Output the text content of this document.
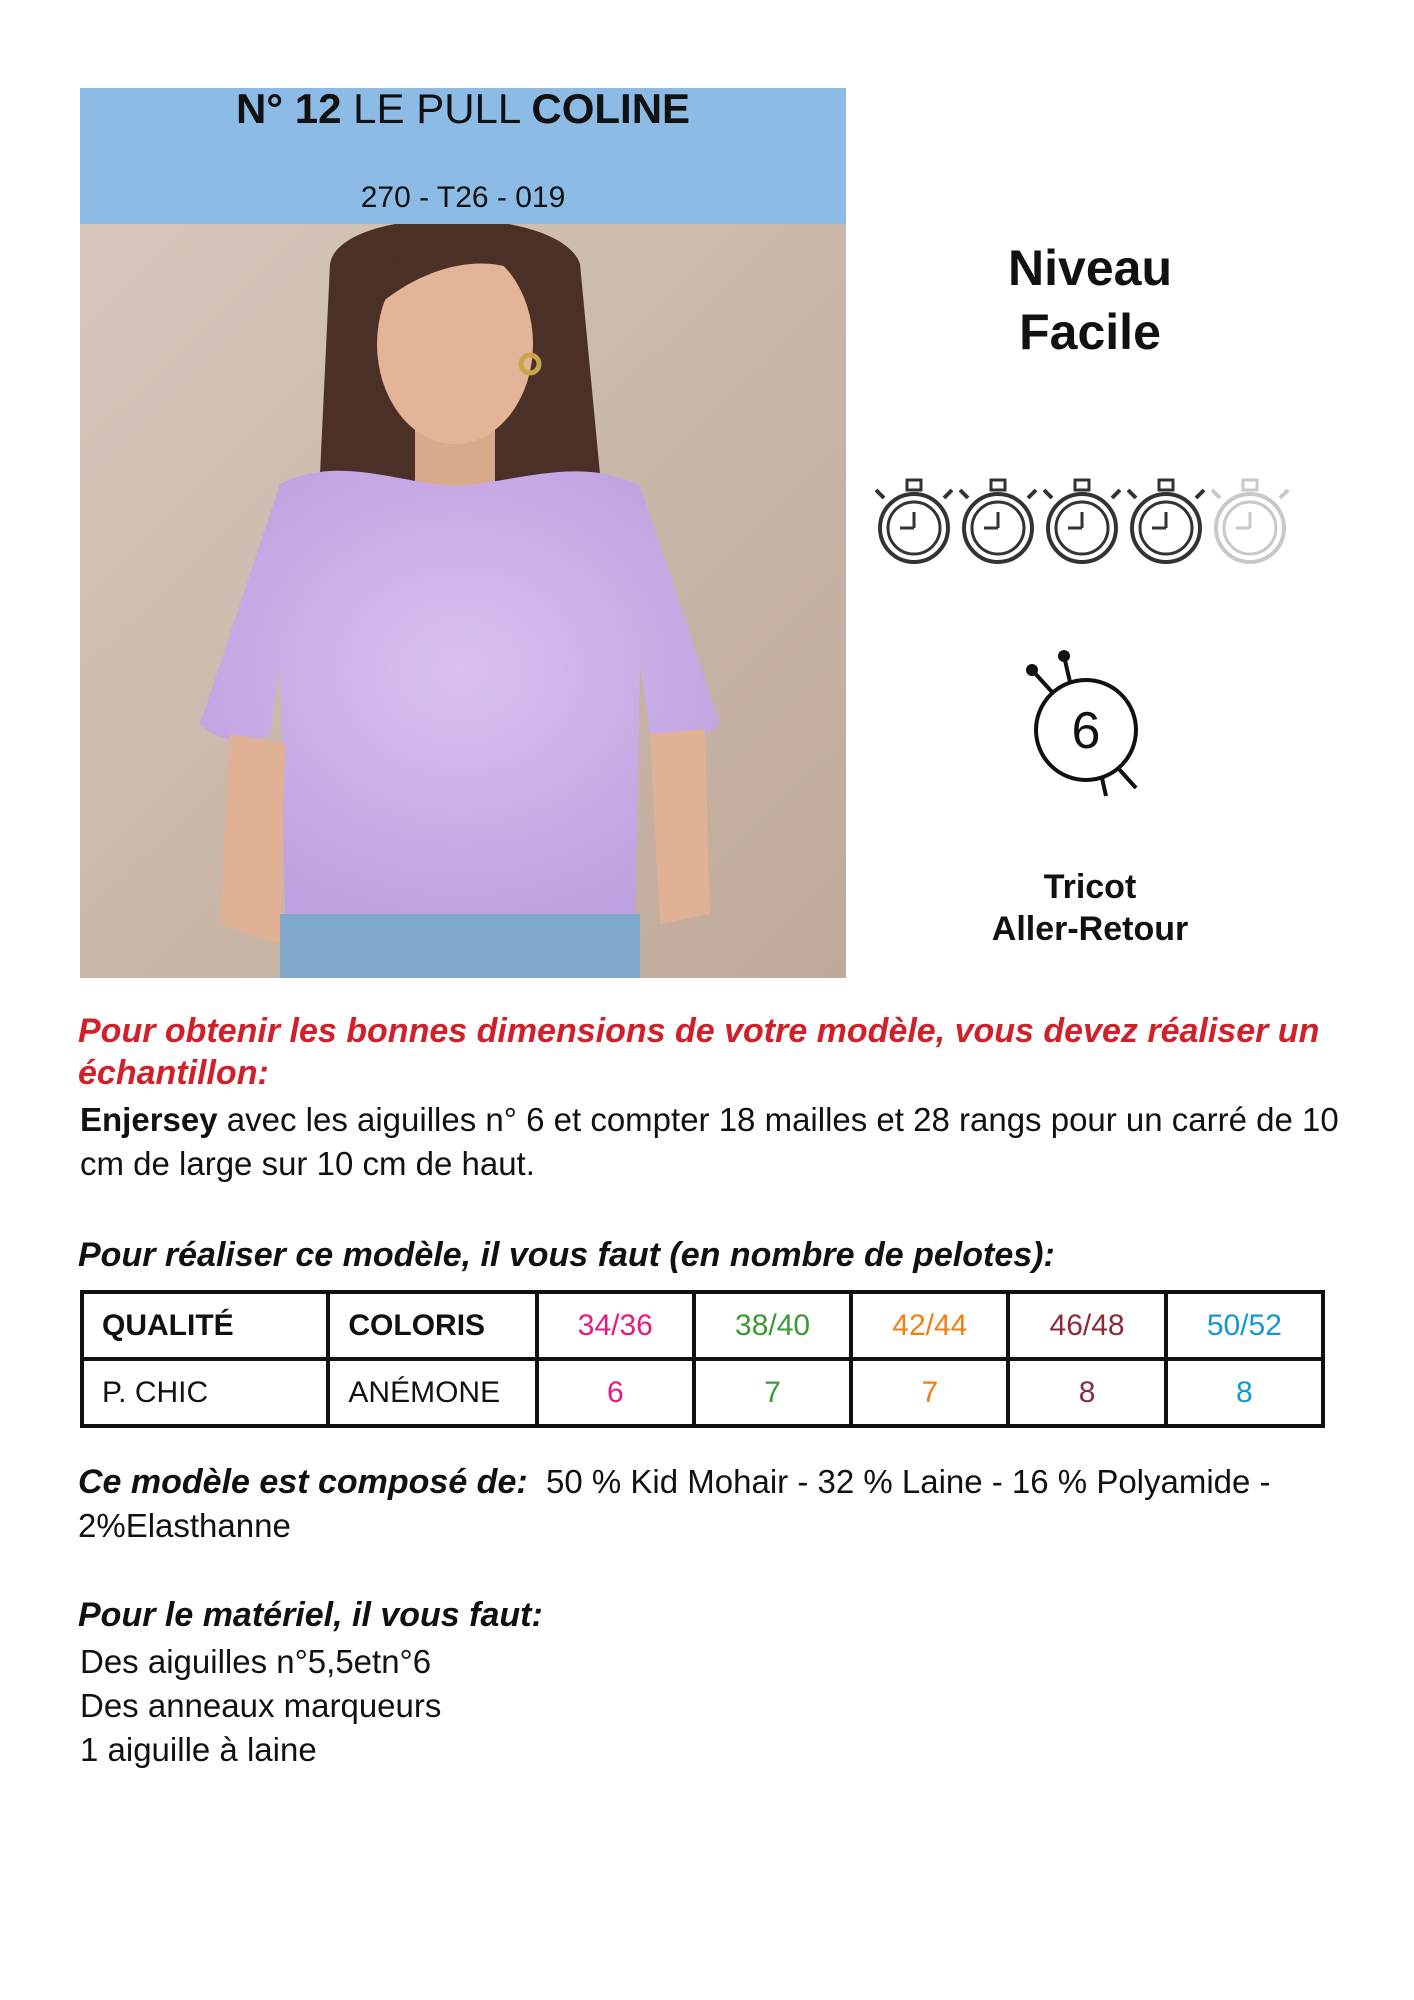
N° 12 LE PULL COLINE
270 - T26 - 019
Niveau
Facile
6
Tricot
Aller-Retour
Pour obtenir les bonnes dimensions de votre modèle, vous devez réaliser un échantillon:
Enjersey avec les aiguilles n° 6 et compter 18 mailles et 28 rangs pour un carré de 10 cm de large sur 10 cm de haut.
Pour réaliser ce modèle, il vous faut (en nombre de pelotes):
QUALITÉ	COLORIS	34/36	38/40	42/44	46/48	50/52
P. CHIC	ANÉMONE	6	7	7	8	8
Ce modèle est composé de: 50 % Kid Mohair - 32 % Laine - 16 % Polyamide - 2%Elasthanne
Pour le matériel, il vous faut:
Des aiguilles n°5,5etn°6
Des anneaux marqueurs
1 aiguille à laine
